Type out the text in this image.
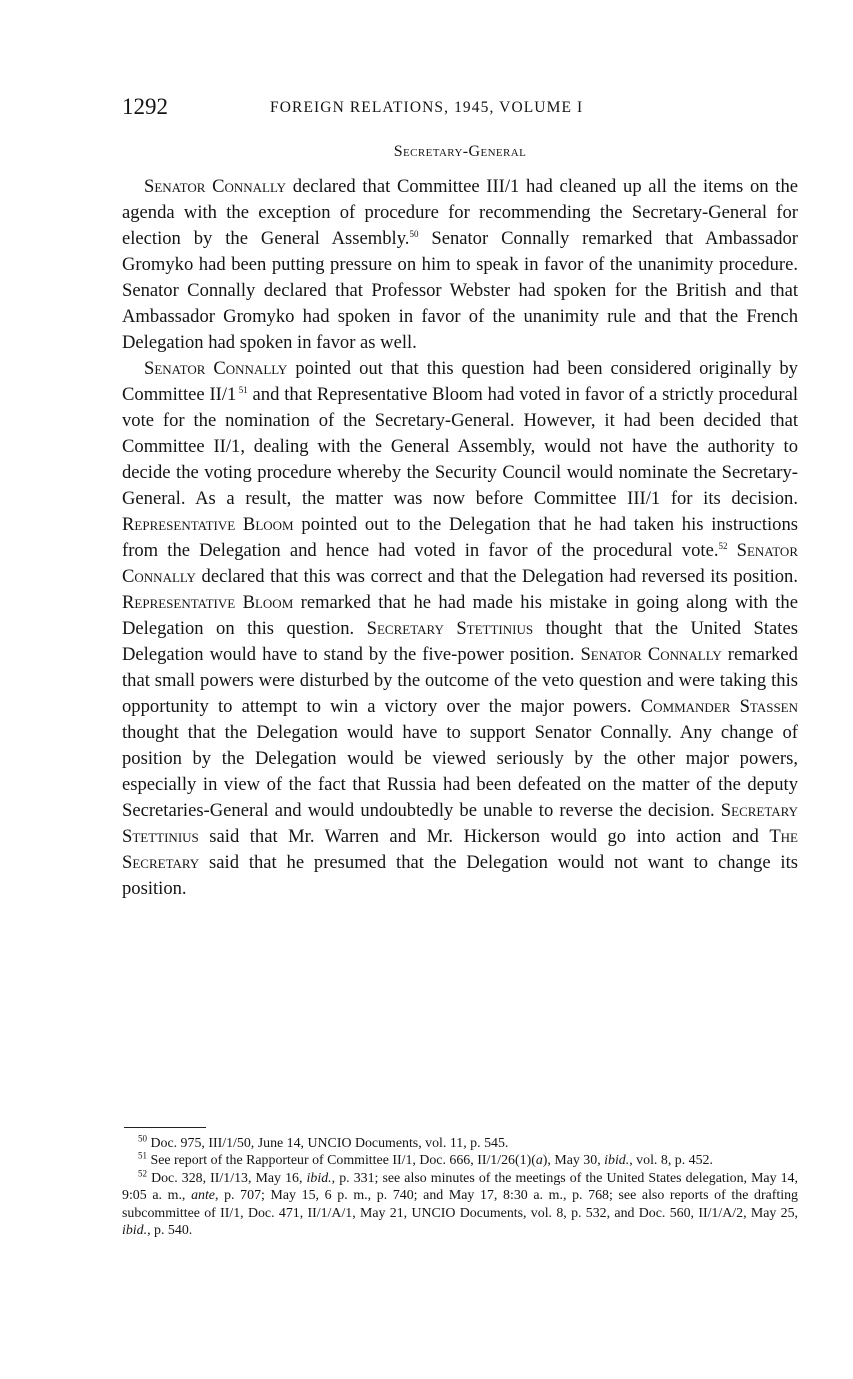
1292	FOREIGN RELATIONS, 1945, VOLUME I
Secretary-General

Senator Connally declared that Committee III/1 had cleaned up all the items on the agenda with the exception of procedure for recommending the Secretary-General for election by the General Assembly.$^{50}$ Senator Connally remarked that Ambassador Gromyko had been putting pressure on him to speak in favor of the unanimity procedure. Senator Connally declared that Professor Webster had spoken for the British and that Ambassador Gromyko had spoken in favor of the unanimity rule and that the French Delegation had spoken in favor as well.

Senator Connally pointed out that this question had been considered originally by Committee II/1 $^{51}$ and that Representative Bloom had voted in favor of a strictly procedural vote for the nomination of the Secretary-General. However, it had been decided that Committee II/1, dealing with the General Assembly, would not have the authority to decide the voting procedure whereby the Security Council would nominate the Secretary-General. As a result, the matter was now before Committee III/1 for its decision. Representative Bloom pointed out to the Delegation that he had taken his instructions from the Delegation and hence had voted in favor of the procedural vote.$^{52}$ Senator Connally declared that this was correct and that the Delegation had reversed its position. Representative Bloom remarked that he had made his mistake in going along with the Delegation on this question. Secretary Stettinius thought that the United States Delegation would have to stand by the five-power position. Senator Connally remarked that small powers were disturbed by the outcome of the veto question and were taking this opportunity to attempt to win a victory over the major powers. Commander Stassen thought that the Delegation would have to support Senator Connally. Any change of position by the Delegation would be viewed seriously by the other major powers, especially in view of the fact that Russia had been defeated on the matter of the deputy Secretaries-General and would undoubtedly be unable to reverse the decision. Secretary Stettinius said that Mr. Warren and Mr. Hickerson would go into action and The Secretary said that he presumed that the Delegation would not want to change its position.

$^{50}$ Doc. 975, III/1/50, June 14, UNCIO Documents, vol. 11, p. 545.

$^{51}$ See report of the Rapporteur of Committee II/1, Doc. 666, II/1/26(1)(a), May 30, ibid., vol. 8, p. 452.

$^{52}$ Doc. 328, II/1/13, May 16, ibid., p. 331; see also minutes of the meetings of the United States delegation, May 14, 9:05 a. m., ante, p. 707; May 15, 6 p. m., p. 740; and May 17, 8:30 a. m., p. 768; see also reports of the drafting subcommittee of II/1, Doc. 471, II/1/A/1, May 21, UNCIO Documents, vol. 8, p. 532, and Doc. 560, II/1/A/2, May 25, ibid., p. 540.
